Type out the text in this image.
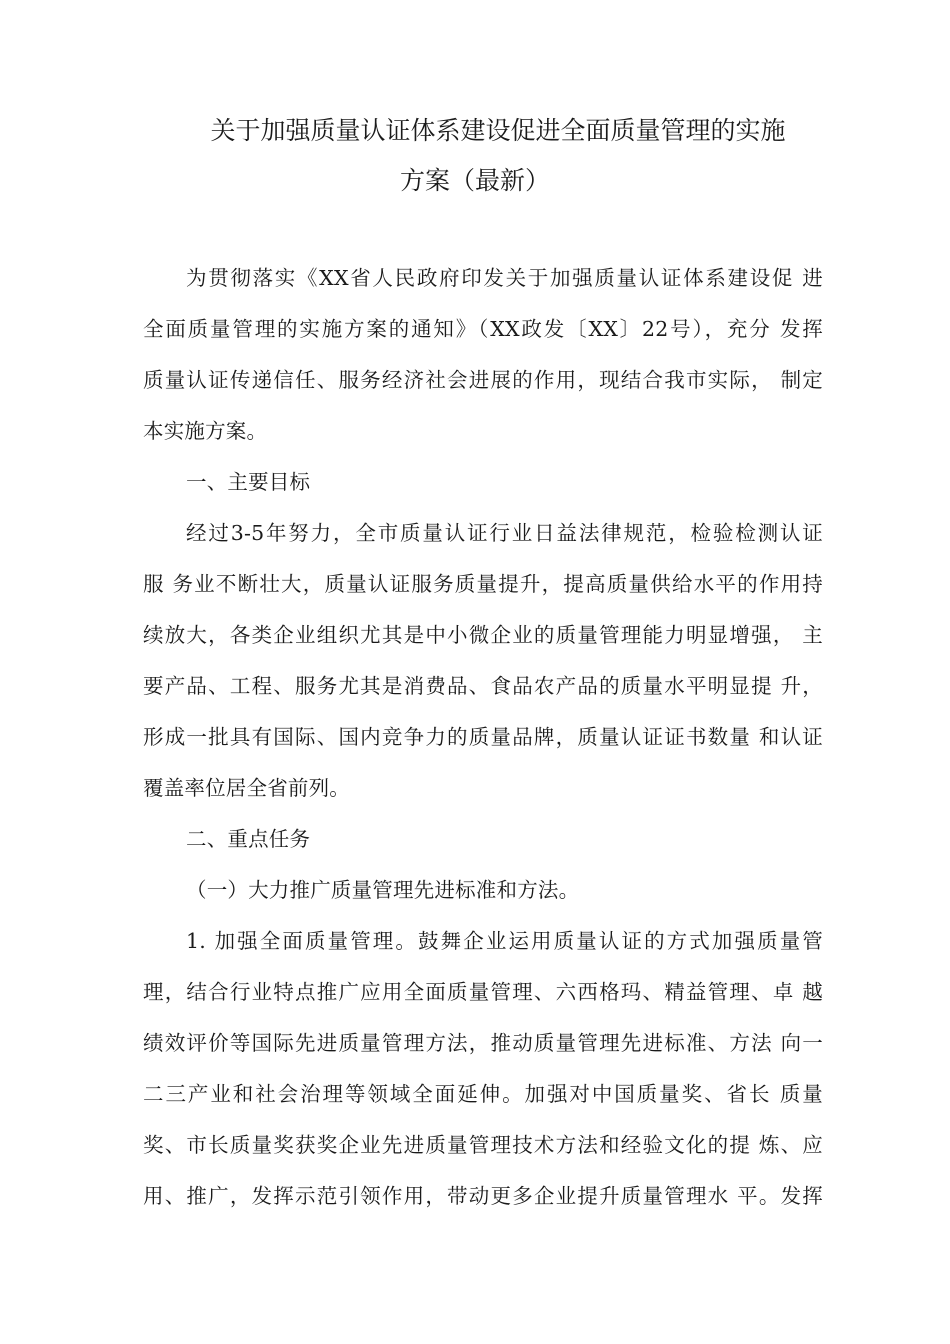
关于加强质量认证体系建设促进全面质量管理的实施
方案（最新）
为贯彻落实《XX省人民政府印发关于加强质量认证体系建设促 进
全面质量管理的实施方案的通知》（XX政发〔XX〕22号），充分 发挥
质量认证传递信任、服务经济社会进展的作用，现结合我市实际， 制定
本实施方案。
一、主要目标
经过3-5年努力，全市质量认证行业日益法律规范，检验检测认证
服 务业不断壮大，质量认证服务质量提升，提高质量供给水平的作用持
续放大，各类企业组织尤其是中小微企业的质量管理能力明显增强， 主
要产品、工程、服务尤其是消费品、食品农产品的质量水平明显提 升，
形成一批具有国际、国内竞争力的质量品牌，质量认证证书数量 和认证
覆盖率位居全省前列。
二、重点任务
（一）大力推广质量管理先进标准和方法。
1. 加强全面质量管理。鼓舞企业运用质量认证的方式加强质量管
理，结合行业特点推广应用全面质量管理、六西格玛、精益管理、卓 越
绩效评价等国际先进质量管理方法，推动质量管理先进标准、方法 向一
二三产业和社会治理等领域全面延伸。加强对中国质量奖、省长 质量
奖、市长质量奖获奖企业先进质量管理技术方法和经验文化的提 炼、应
用、推广，发挥示范引领作用，带动更多企业提升质量管理水 平。发挥
